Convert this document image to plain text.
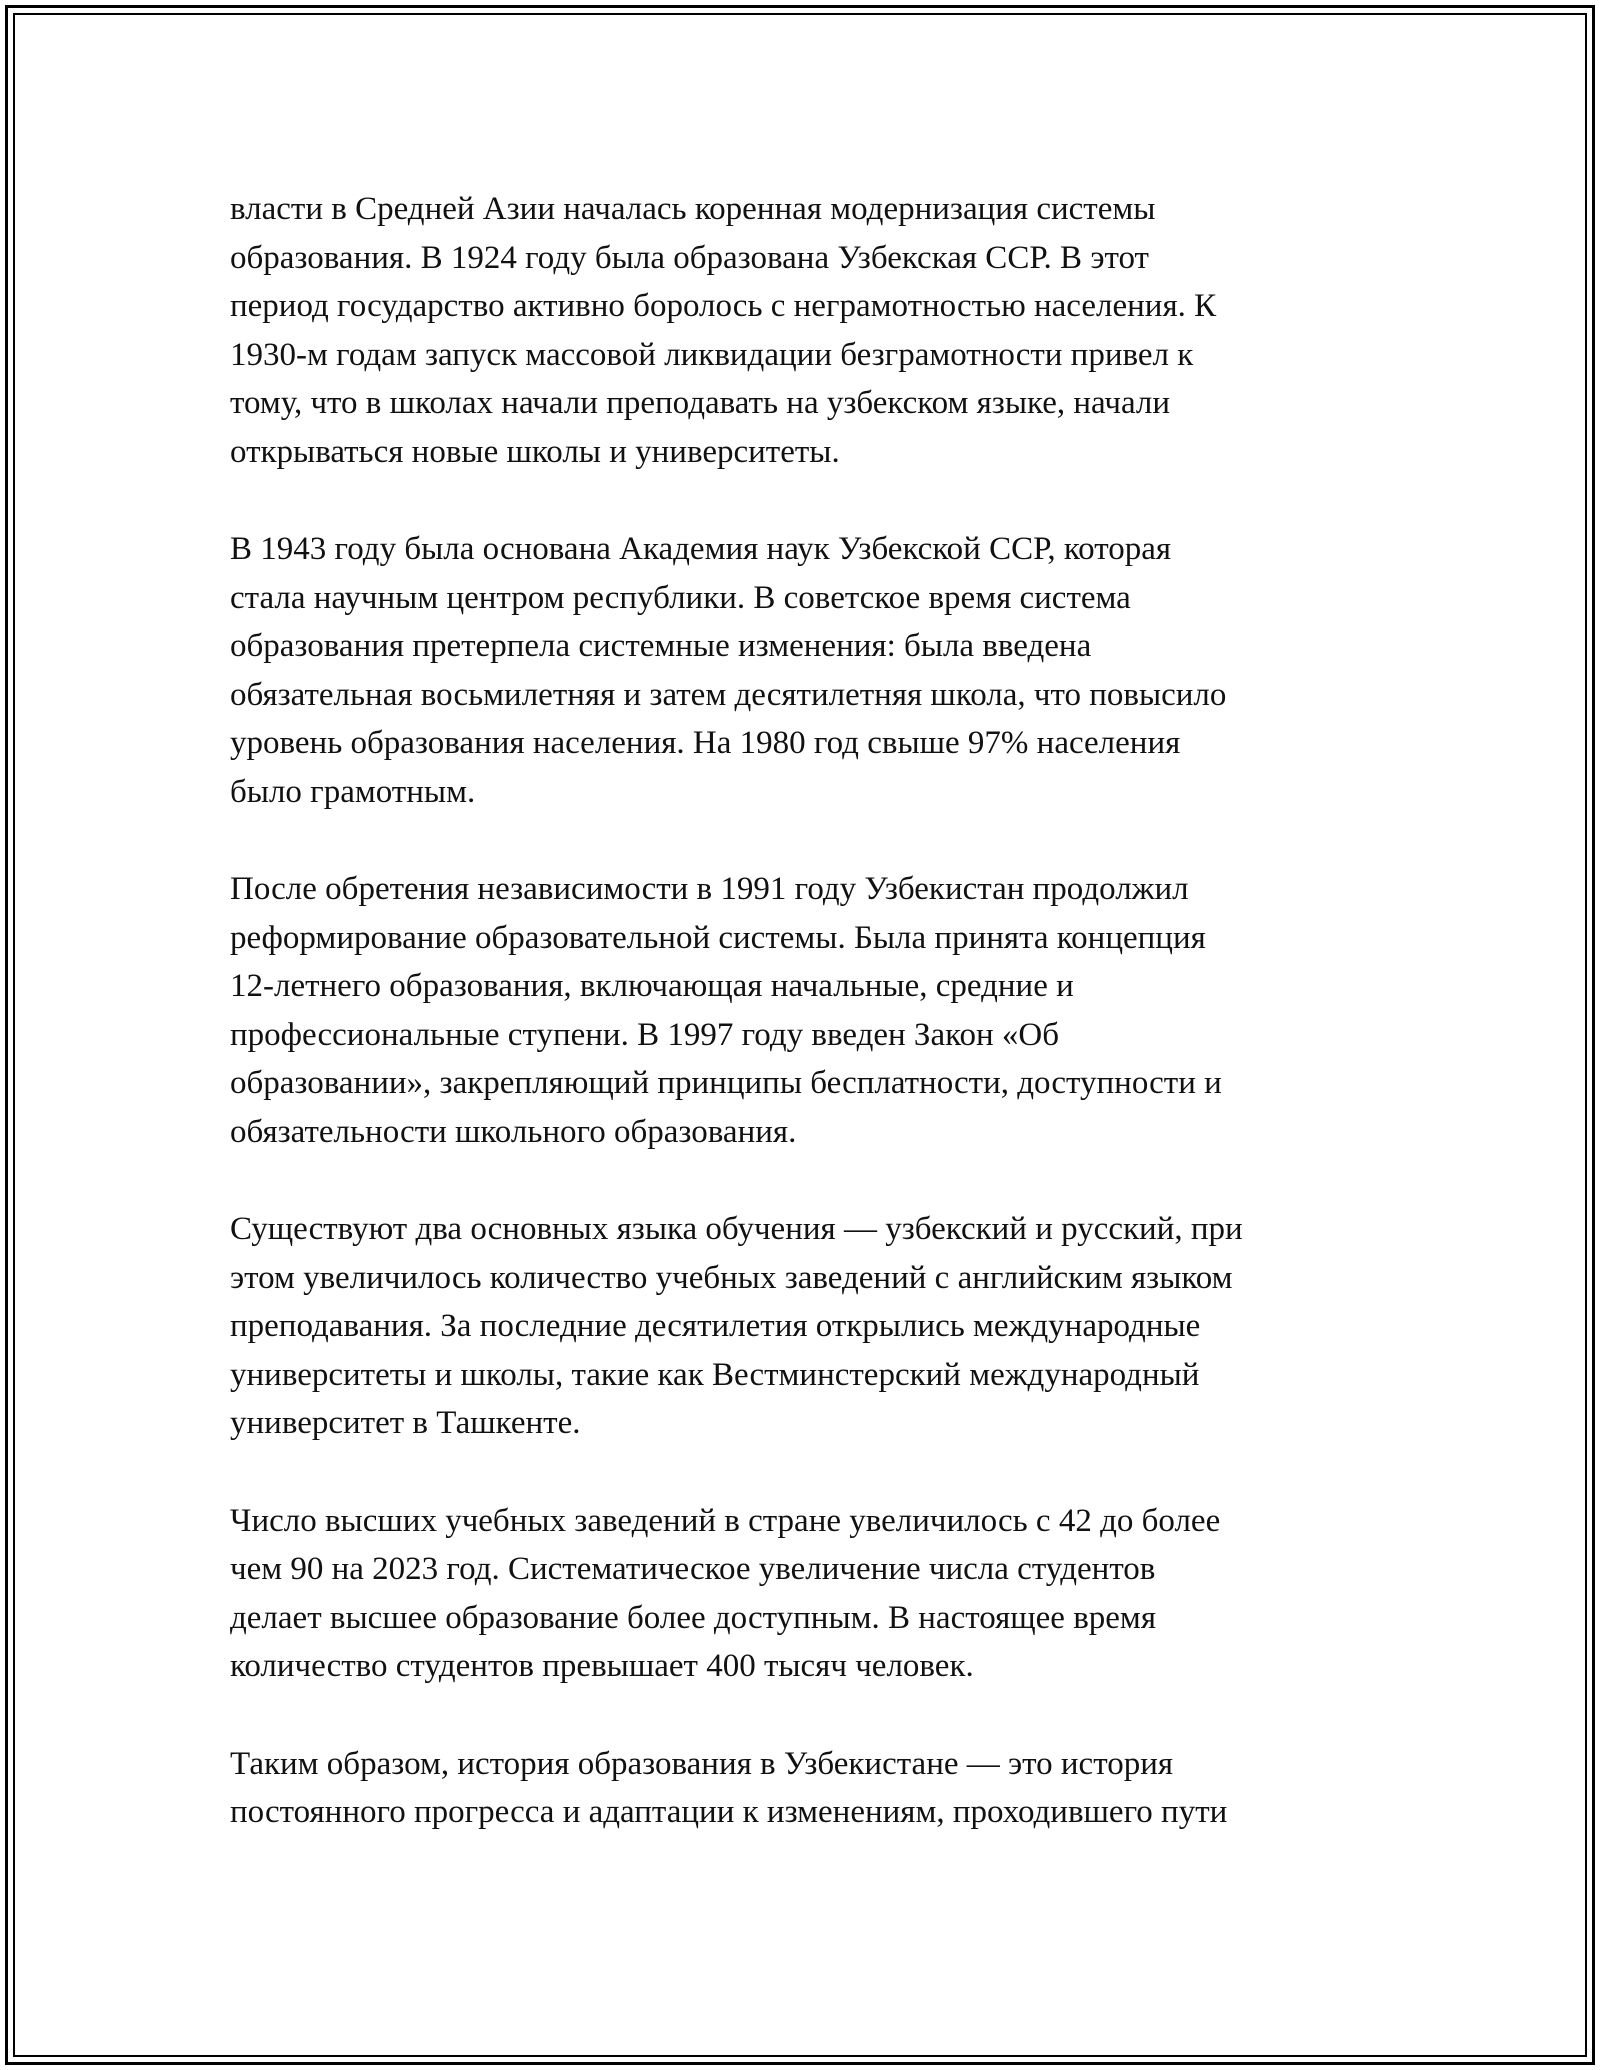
власти в Средней Азии началась коренная модернизация системы
образования. В 1924 году была образована Узбекская ССР. В этот
период государство активно боролось с неграмотностью населения. К
1930-м годам запуск массовой ликвидации безграмотности привел к
тому, что в школах начали преподавать на узбекском языке, начали
открываться новые школы и университеты.

В 1943 году была основана Академия наук Узбекской ССР, которая
стала научным центром республики. В советское время система
образования претерпела системные изменения: была введена
обязательная восьмилетняя и затем десятилетняя школа, что повысило
уровень образования населения. На 1980 год свыше 97% населения
было грамотным.

После обретения независимости в 1991 году Узбекистан продолжил
реформирование образовательной системы. Была принята концепция
12-летнего образования, включающая начальные, средние и
профессиональные ступени. В 1997 году введен Закон «Об
образовании», закрепляющий принципы бесплатности, доступности и
обязательности школьного образования.

Существуют два основных языка обучения — узбекский и русский, при
этом увеличилось количество учебных заведений с английским языком
преподавания. За последние десятилетия открылись международные
университеты и школы, такие как Вестминстерский международный
университет в Ташкенте.

Число высших учебных заведений в стране увеличилось с 42 до более
чем 90 на 2023 год. Систематическое увеличение числа студентов
делает высшее образование более доступным. В настоящее время
количество студентов превышает 400 тысяч человек.

Таким образом, история образования в Узбекистане — это история
постоянного прогресса и адаптации к изменениям, проходившего пути
